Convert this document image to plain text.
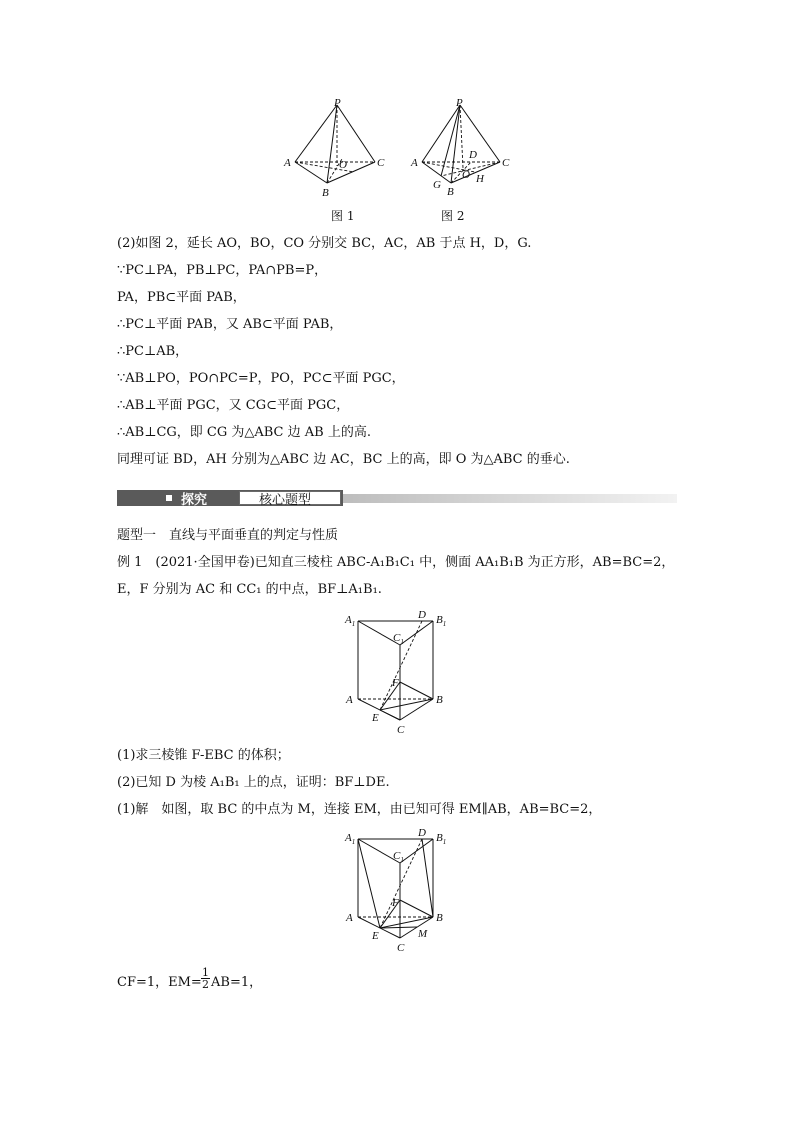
P
A	C
B
O
图 1
P
A	C
D
O
G
B
H
图 2
(2)如图 2，延长 AO，BO，CO 分别交 BC，AC，AB 于点 H，D，G.
∵PC⊥PA，PB⊥PC，PA∩PB=P，
PA，PB⊂平面 PAB，
∴PC⊥平面 PAB，又 AB⊂平面 PAB，
∴PC⊥AB，
∵AB⊥PO，PO∩PC=P，PO，PC⊂平面 PGC，
∴AB⊥平面 PGC，又 CG⊂平面 PGC，
∴AB⊥CG，即 CG 为△ABC 边 AB 上的高.
同理可证 BD，AH 分别为△ABC 边 AC，BC 上的高，即 O 为△ABC 的垂心.
探究	核心题型
题型一　直线与平面垂直的判定与性质
例 1　(2021·全国甲卷)已知直三棱柱 ABC-A₁B₁C₁ 中，侧面 AA₁B₁B 为正方形，AB=BC=2，
E，F 分别为 AC 和 CC₁ 的中点，BF⊥A₁B₁.
$A_1$	$B_1$
D
$C_1$
A	B
F
E
C
(1)求三棱锥 F-EBC 的体积；
(2)已知 D 为棱 A₁B₁ 上的点，证明：BF⊥DE.
(1)解　如图，取 BC 的中点为 M，连接 EM，由已知可得 EM∥AB，AB=BC=2，
$A_1$	$B_1$
D
$C_1$
A	B
F
E	M
C
CF=1，$EM= \frac{1}{2} AB=1$，
